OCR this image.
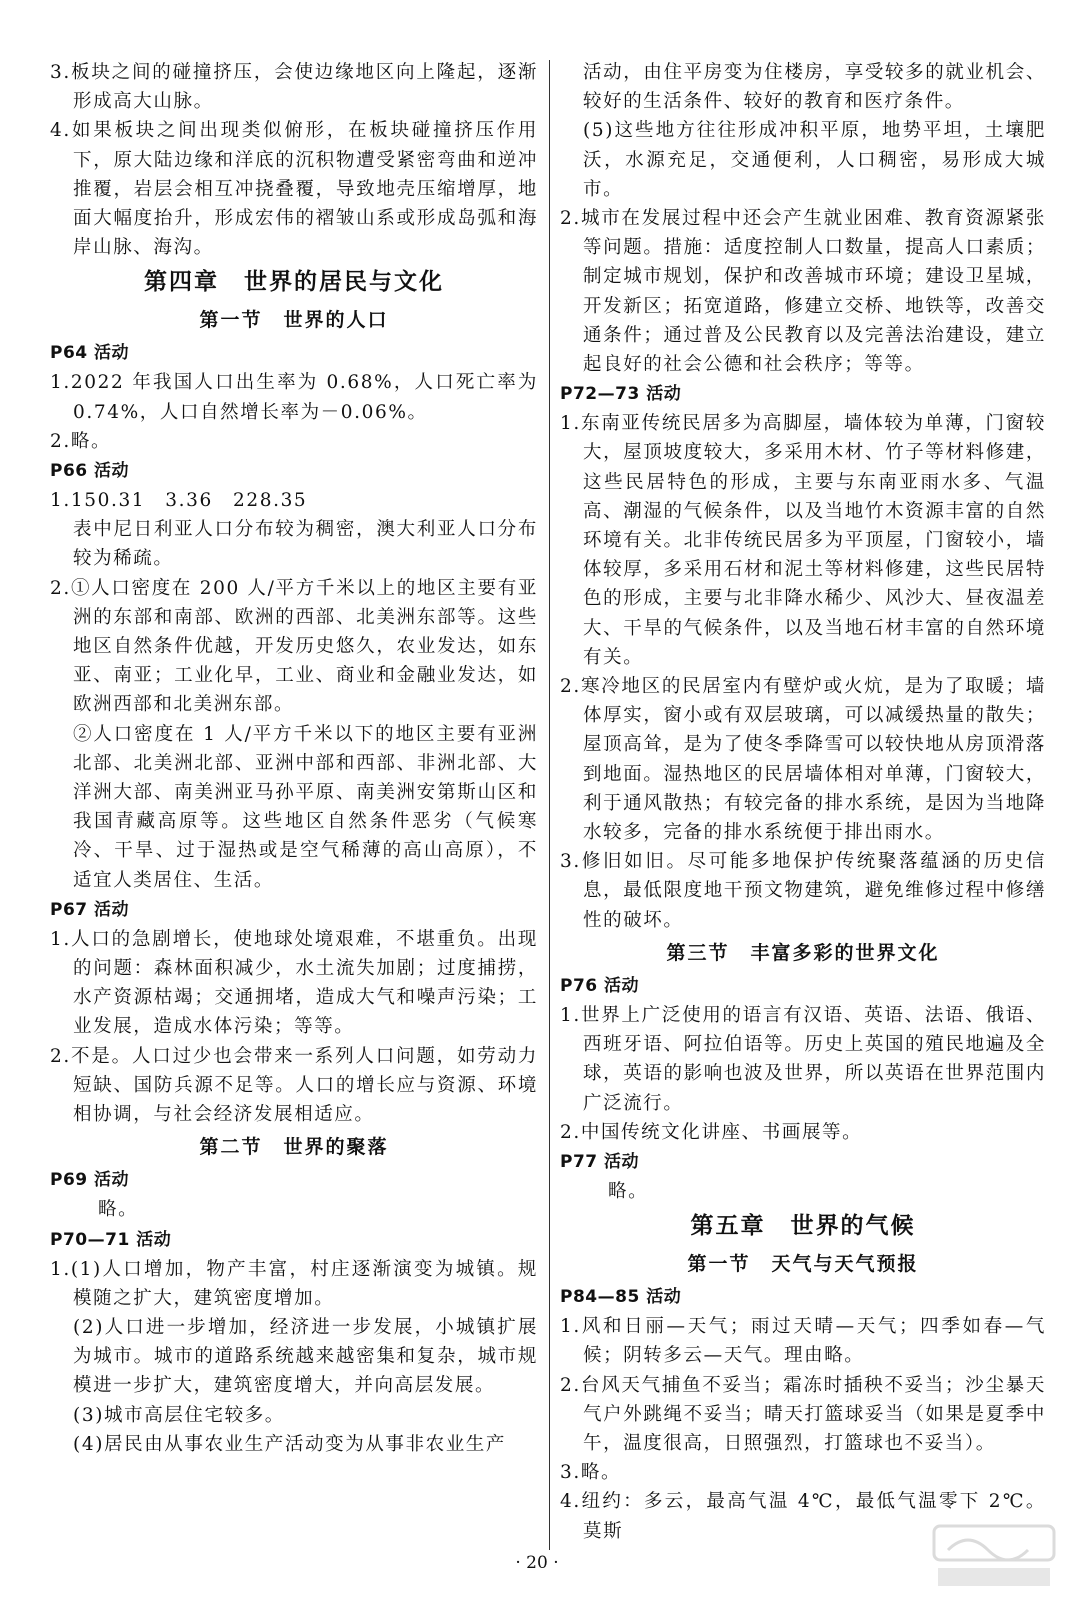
3.板块之间的碰撞挤压，会使边缘地区向上隆起，逐渐形成高大山脉。
4.如果板块之间出现类似俯形，在板块碰撞挤压作用下，原大陆边缘和洋底的沉积物遭受紧密弯曲和逆冲推覆，岩层会相互冲挠叠覆，导致地壳压缩增厚，地面大幅度抬升，形成宏伟的褶皱山系或形成岛弧和海岸山脉、海沟。
第四章　世界的居民与文化
第一节　世界的人口
P64 活动
1.2022 年我国人口出生率为 0.68%，人口死亡率为 0.74%，人口自然增长率为－0.06%。
2.略。
P66 活动
1.150.31　3.36　228.35
表中尼日利亚人口分布较为稠密，澳大利亚人口分布较为稀疏。
2.①人口密度在 200 人/平方千米以上的地区主要有亚洲的东部和南部、欧洲的西部、北美洲东部等。这些地区自然条件优越，开发历史悠久，农业发达，如东亚、南亚；工业化早，工业、商业和金融业发达，如欧洲西部和北美洲东部。
②人口密度在 1 人/平方千米以下的地区主要有亚洲北部、北美洲北部、亚洲中部和西部、非洲北部、大洋洲大部、南美洲亚马孙平原、南美洲安第斯山区和我国青藏高原等。这些地区自然条件恶劣（气候寒冷、干旱、过于湿热或是空气稀薄的高山高原），不适宜人类居住、生活。
P67 活动
1.人口的急剧增长，使地球处境艰难，不堪重负。出现的问题：森林面积减少，水土流失加剧；过度捕捞，水产资源枯竭；交通拥堵，造成大气和噪声污染；工业发展，造成水体污染；等等。
2.不是。人口过少也会带来一系列人口问题，如劳动力短缺、国防兵源不足等。人口的增长应与资源、环境相协调，与社会经济发展相适应。
第二节　世界的聚落
P69 活动
略。
P70—71 活动
1.(1)人口增加，物产丰富，村庄逐渐演变为城镇。规模随之扩大，建筑密度增加。
(2)人口进一步增加，经济进一步发展，小城镇扩展为城市。城市的道路系统越来越密集和复杂，城市规模进一步扩大，建筑密度增大，并向高层发展。
(3)城市高层住宅较多。
(4)居民由从事农业生产活动变为从事非农业生产
活动，由住平房变为住楼房，享受较多的就业机会、较好的生活条件、较好的教育和医疗条件。
(5)这些地方往往形成冲积平原，地势平坦，土壤肥沃，水源充足，交通便利，人口稠密，易形成大城市。
2.城市在发展过程中还会产生就业困难、教育资源紧张等问题。措施：适度控制人口数量，提高人口素质；制定城市规划，保护和改善城市环境；建设卫星城，开发新区；拓宽道路，修建立交桥、地铁等，改善交通条件；通过普及公民教育以及完善法治建设，建立起良好的社会公德和社会秩序；等等。
P72—73 活动
1.东南亚传统民居多为高脚屋，墙体较为单薄，门窗较大，屋顶坡度较大，多采用木材、竹子等材料修建，这些民居特色的形成，主要与东南亚雨水多、气温高、潮湿的气候条件，以及当地竹木资源丰富的自然环境有关。北非传统民居多为平顶屋，门窗较小，墙体较厚，多采用石材和泥土等材料修建，这些民居特色的形成，主要与北非降水稀少、风沙大、昼夜温差大、干旱的气候条件，以及当地石材丰富的自然环境有关。
2.寒冷地区的民居室内有壁炉或火炕，是为了取暖；墙体厚实，窗小或有双层玻璃，可以减缓热量的散失；屋顶高耸，是为了使冬季降雪可以较快地从房顶滑落到地面。湿热地区的民居墙体相对单薄，门窗较大，利于通风散热；有较完备的排水系统，是因为当地降水较多，完备的排水系统便于排出雨水。
3.修旧如旧。尽可能多地保护传统聚落蕴涵的历史信息，最低限度地干预文物建筑，避免维修过程中修缮性的破坏。
第三节　丰富多彩的世界文化
P76 活动
1.世界上广泛使用的语言有汉语、英语、法语、俄语、西班牙语、阿拉伯语等。历史上英国的殖民地遍及全球，英语的影响也波及世界，所以英语在世界范围内广泛流行。
2.中国传统文化讲座、书画展等。
P77 活动
略。
第五章　世界的气候
第一节　天气与天气预报
P84—85 活动
1.风和日丽—天气；雨过天晴—天气；四季如春—气候；阴转多云—天气。理由略。
2.台风天气捕鱼不妥当；霜冻时插秧不妥当；沙尘暴天气户外跳绳不妥当；晴天打篮球妥当（如果是夏季中午，温度很高，日照强烈，打篮球也不妥当）。
3.略。
4.纽约：多云，最高气温 4℃，最低气温零下 2℃。莫斯
· 20 ·
